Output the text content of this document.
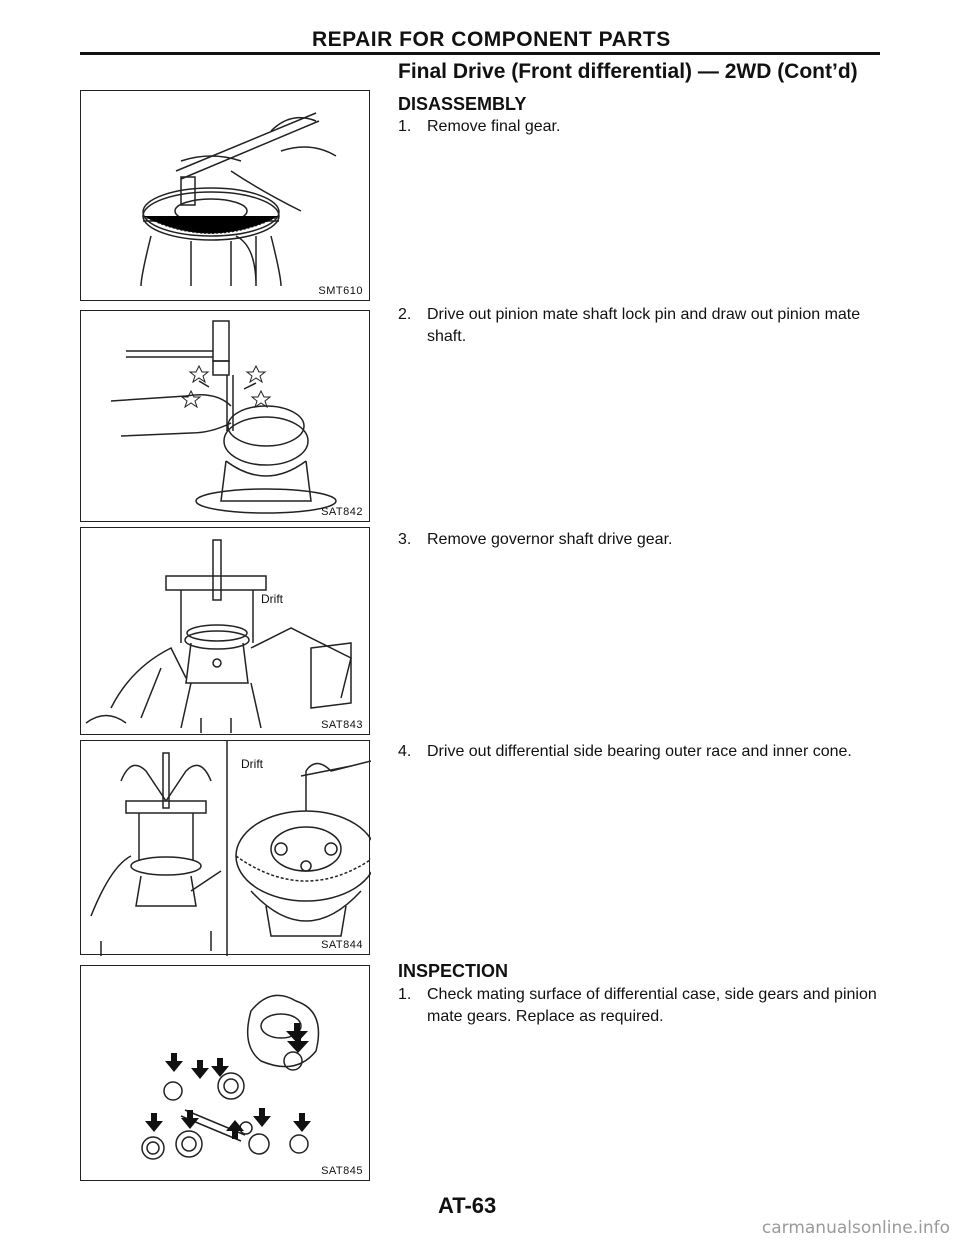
REPAIR FOR COMPONENT PARTS
Final Drive (Front differential) — 2WD (Cont’d)
DISASSEMBLY
1. Remove final gear.
2. Drive out pinion mate shaft lock pin and draw out pinion mate shaft.
3. Remove governor shaft drive gear.
4. Drive out differential side bearing outer race and inner cone.
INSPECTION
1. Check mating surface of differential case, side gears and pinion mate gears. Replace as required.
SMT610
SAT842
Drift
SAT843
Drift
SAT844
SAT845
AT-63
carmanualsonline.info
